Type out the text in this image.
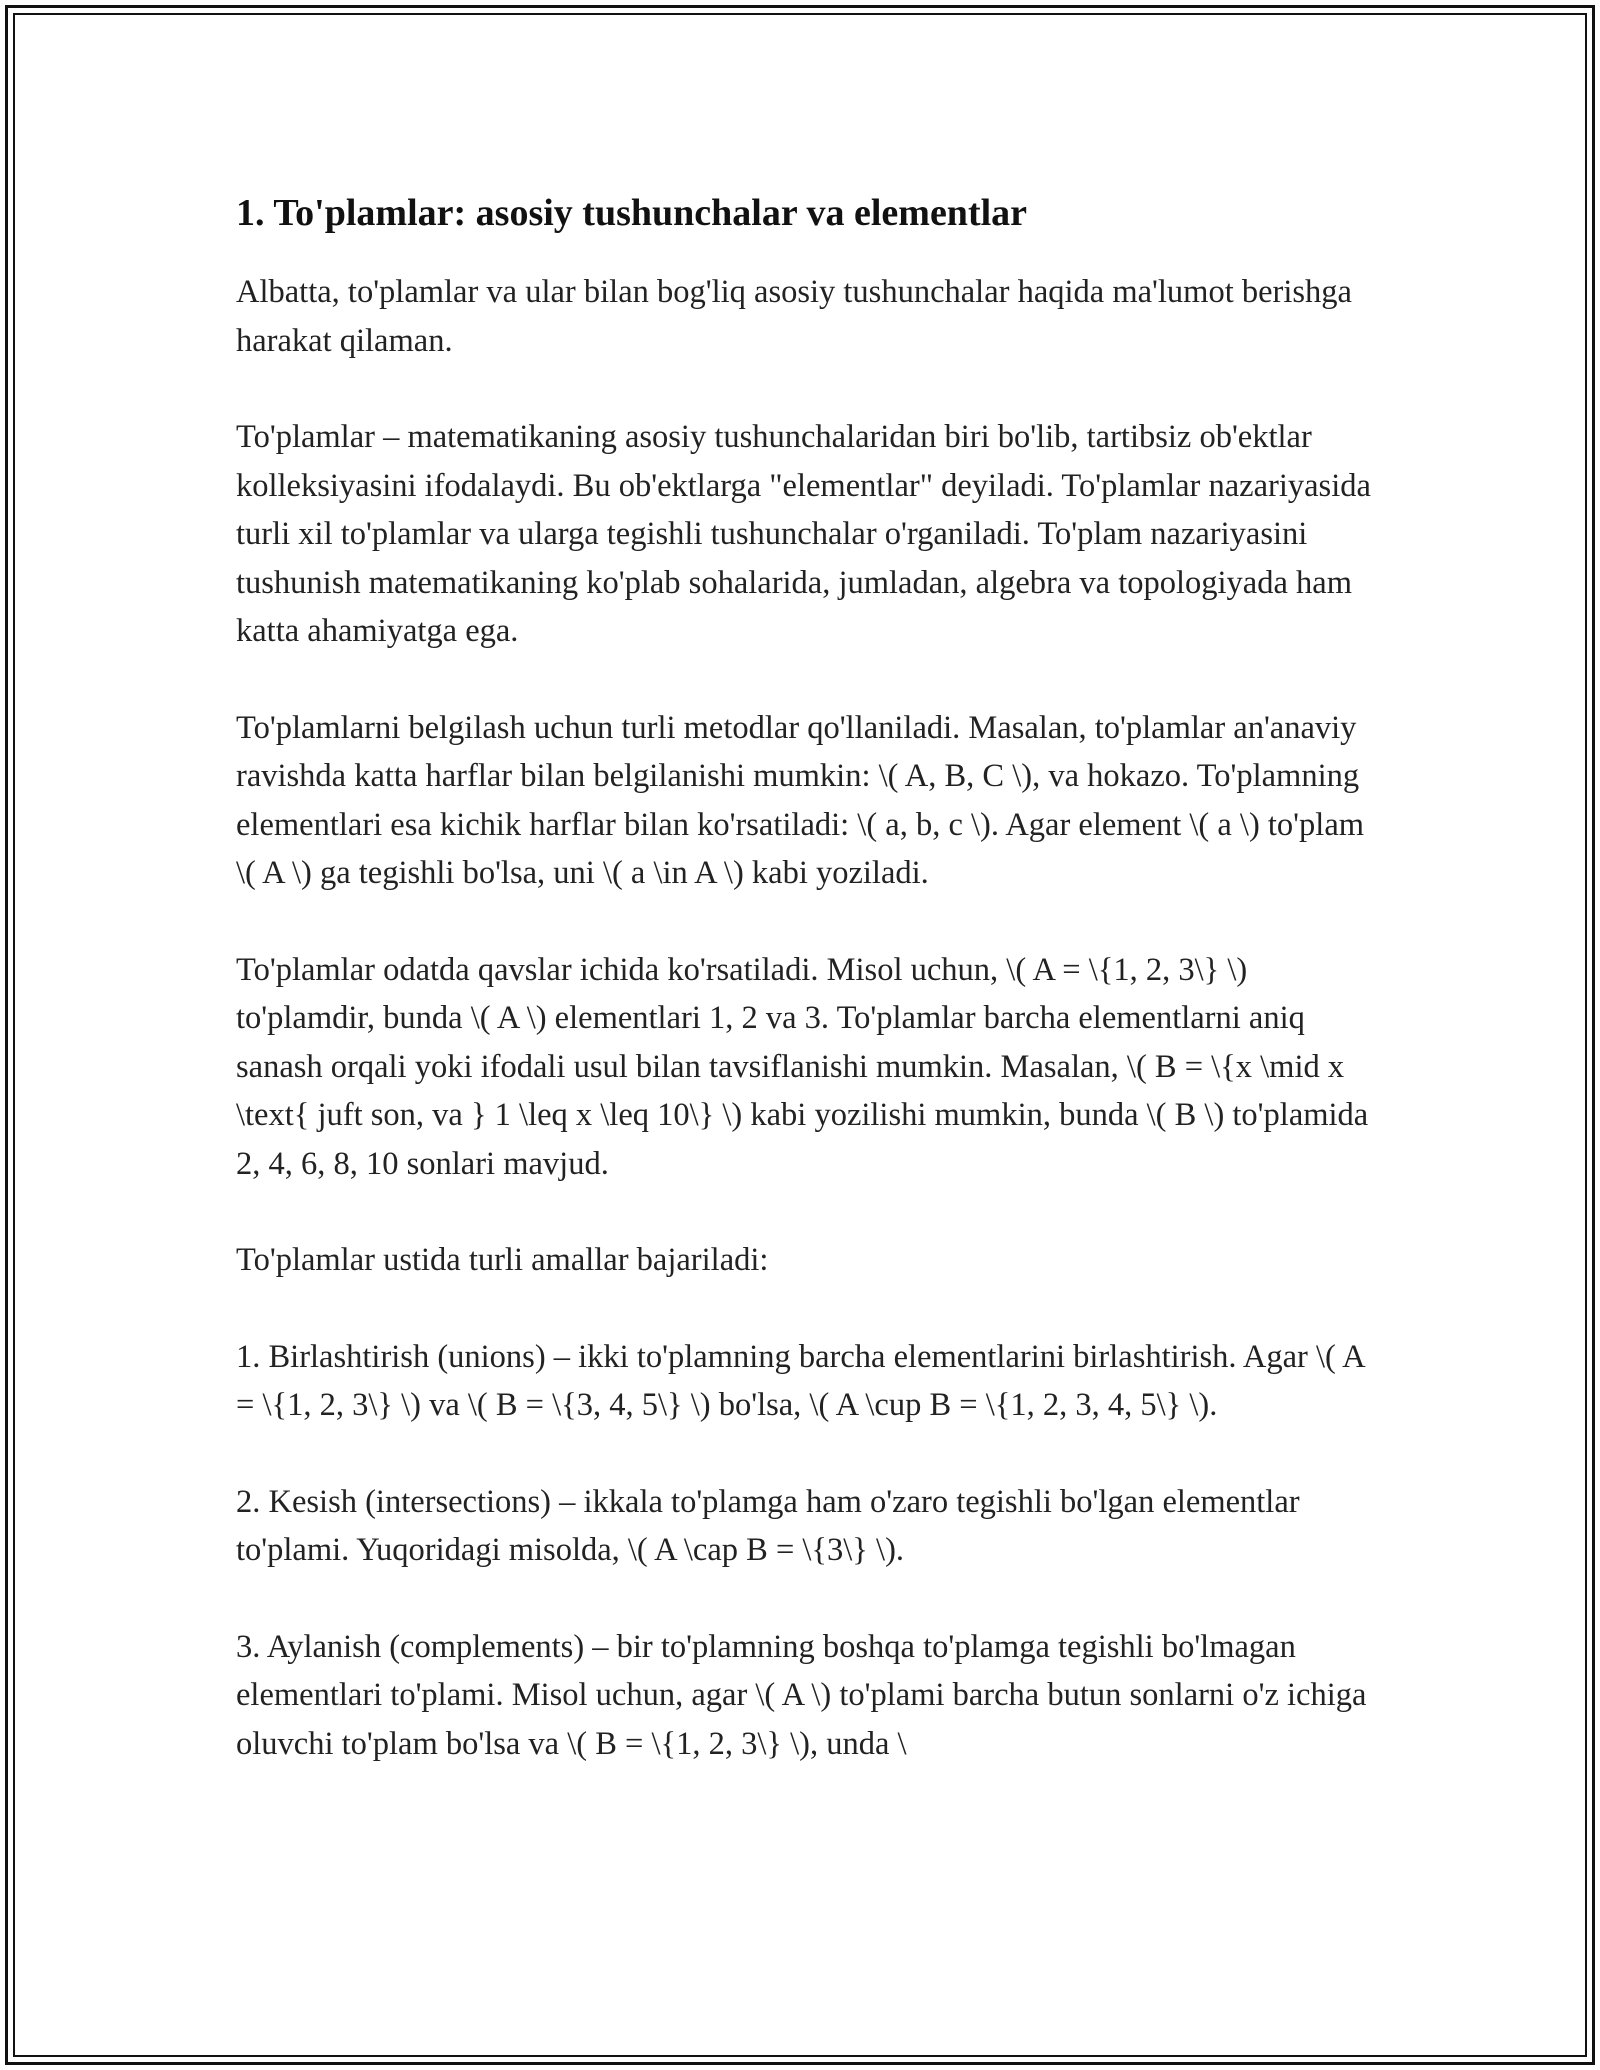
1. To'plamlar: asosiy tushunchalar va elementlar

Albatta, to'plamlar va ular bilan bog'liq asosiy tushunchalar haqida ma'lumot berishga harakat qilaman.

To'plamlar – matematikaning asosiy tushunchalaridan biri bo'lib, tartibsiz ob'ektlar kolleksiyasini ifodalaydi. Bu ob'ektlarga "elementlar" deyiladi. To'plamlar nazariyasida turli xil to'plamlar va ularga tegishli tushunchalar o'rganiladi. To'plam nazariyasini tushunish matematikaning ko'plab sohalarida, jumladan, algebra va topologiyada ham katta ahamiyatga ega.

To'plamlarni belgilash uchun turli metodlar qo'llaniladi. Masalan, to'plamlar an'anaviy ravishda katta harflar bilan belgilanishi mumkin: \( A, B, C \), va hokazo. To'plamning elementlari esa kichik harflar bilan ko'rsatiladi: \( a, b, c \). Agar element \( a \) to'plam \( A \) ga tegishli bo'lsa, uni \( a \in A \) kabi yoziladi.

To'plamlar odatda qavslar ichida ko'rsatiladi. Misol uchun, \( A = \{1, 2, 3\} \) to'plamdir, bunda \( A \) elementlari 1, 2 va 3. To'plamlar barcha elementlarni aniq sanash orqali yoki ifodali usul bilan tavsiflanishi mumkin. Masalan, \( B = \{x \mid x \text{ juft son, va } 1 \leq x \leq 10\} \) kabi yozilishi mumkin, bunda \( B \) to'plamida 2, 4, 6, 8, 10 sonlari mavjud.

To'plamlar ustida turli amallar bajariladi:

1. Birlashtirish (unions) – ikki to'plamning barcha elementlarini birlashtirish. Agar \( A = \{1, 2, 3\} \) va \( B = \{3, 4, 5\} \) bo'lsa, \( A \cup B = \{1, 2, 3, 4, 5\} \).

2. Kesish (intersections) – ikkala to'plamga ham o'zaro tegishli bo'lgan elementlar to'plami. Yuqoridagi misolda, \( A \cap B = \{3\} \).

3. Aylanish (complements) – bir to'plamning boshqa to'plamga tegishli bo'lmagan elementlari to'plami. Misol uchun, agar \( A \) to'plami barcha butun sonlarni o'z ichiga oluvchi to'plam bo'lsa va \( B = \{1, 2, 3\} \), unda \
